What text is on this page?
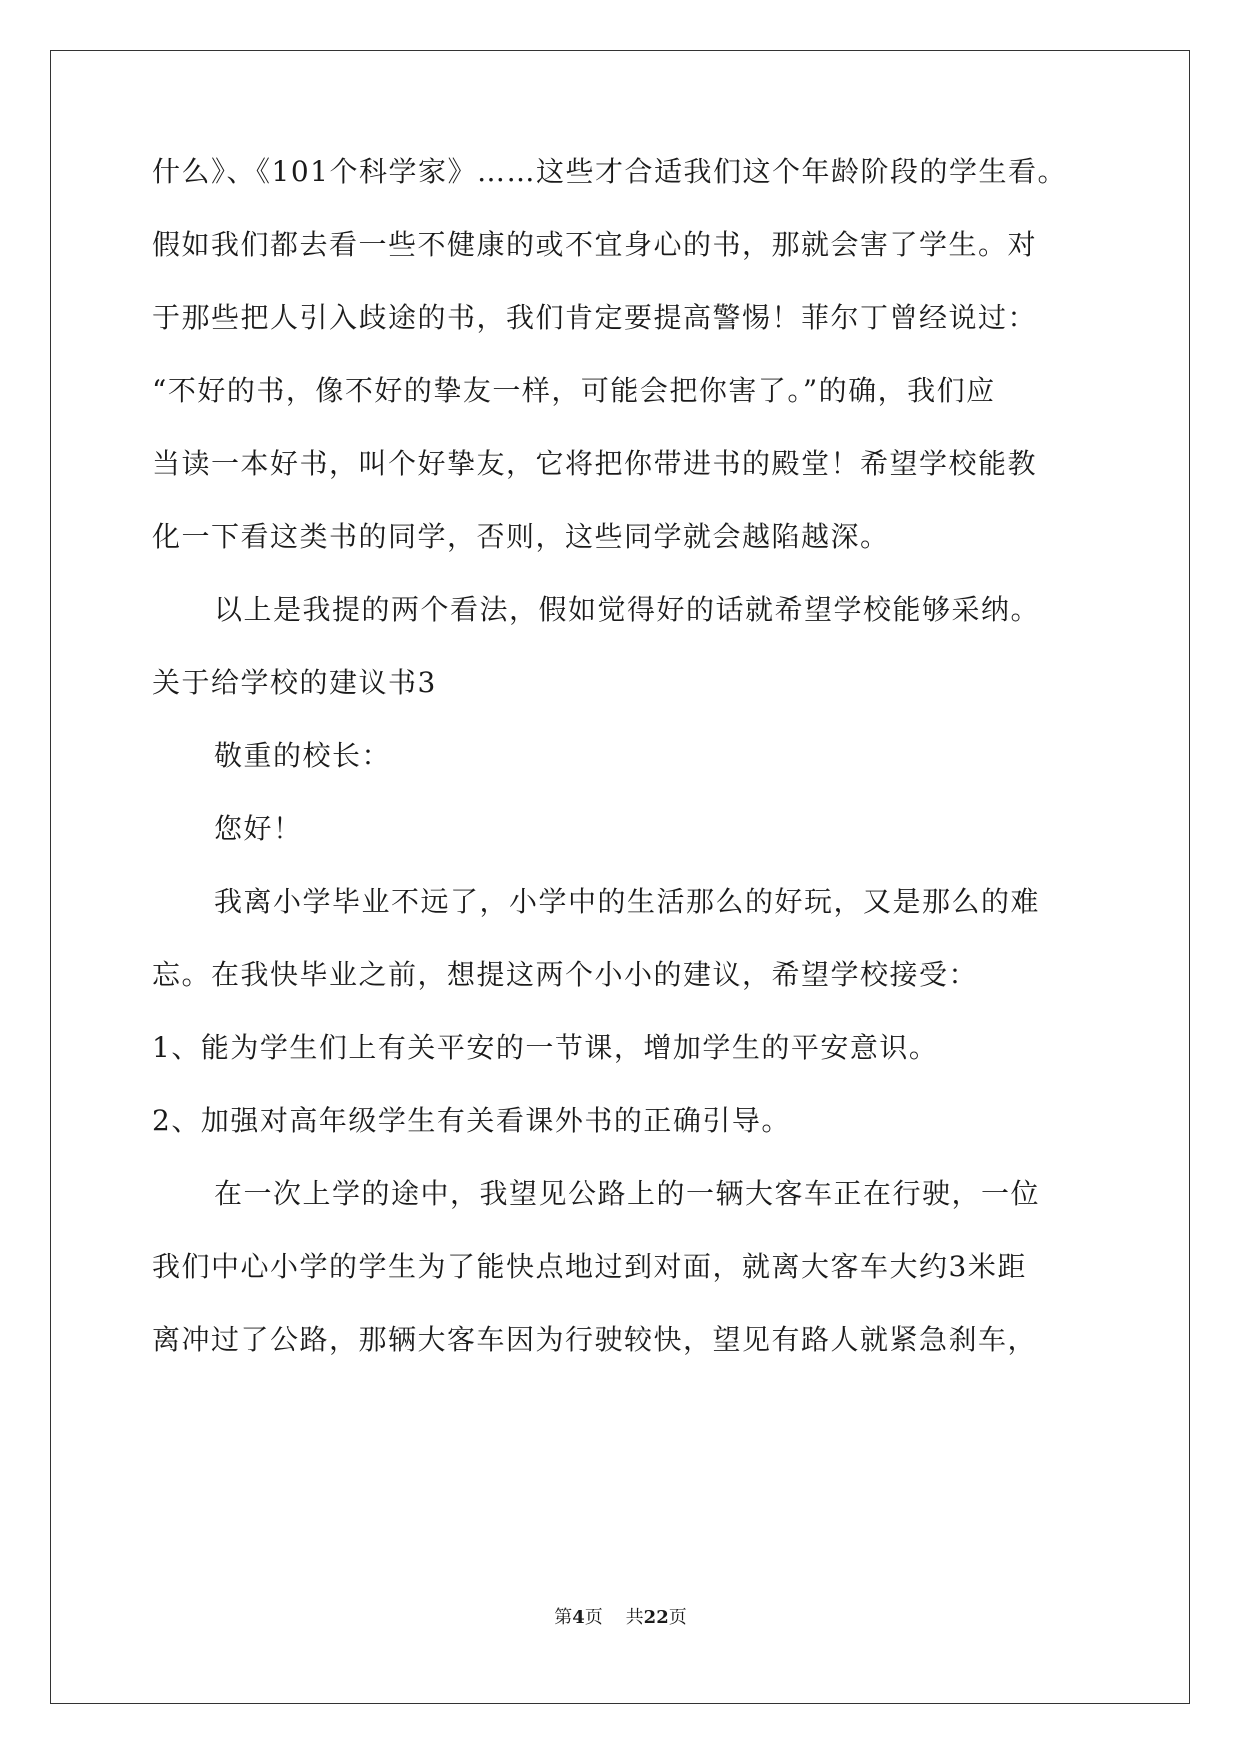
什么》、《101个科学家》……这些才合适我们这个年龄阶段的学生看。
假如我们都去看一些不健康的或不宜身心的书，那就会害了学生。对
于那些把人引入歧途的书，我们肯定要提高警惕！菲尔丁曾经说过：
“不好的书，像不好的挚友一样，可能会把你害了。”的确，我们应
当读一本好书，叫个好挚友，它将把你带进书的殿堂！希望学校能教
化一下看这类书的同学，否则，这些同学就会越陷越深。
以上是我提的两个看法，假如觉得好的话就希望学校能够采纳。
关于给学校的建议书3
敬重的校长：
您好！
我离小学毕业不远了，小学中的生活那么的好玩，又是那么的难
忘。在我快毕业之前，想提这两个小小的建议，希望学校接受：
1、能为学生们上有关平安的一节课，增加学生的平安意识。
2、加强对高年级学生有关看课外书的正确引导。
在一次上学的途中，我望见公路上的一辆大客车正在行驶，一位
我们中心小学的学生为了能快点地过到对面，就离大客车大约3米距
离冲过了公路，那辆大客车因为行驶较快，望见有路人就紧急刹车，
第4页 共22页
